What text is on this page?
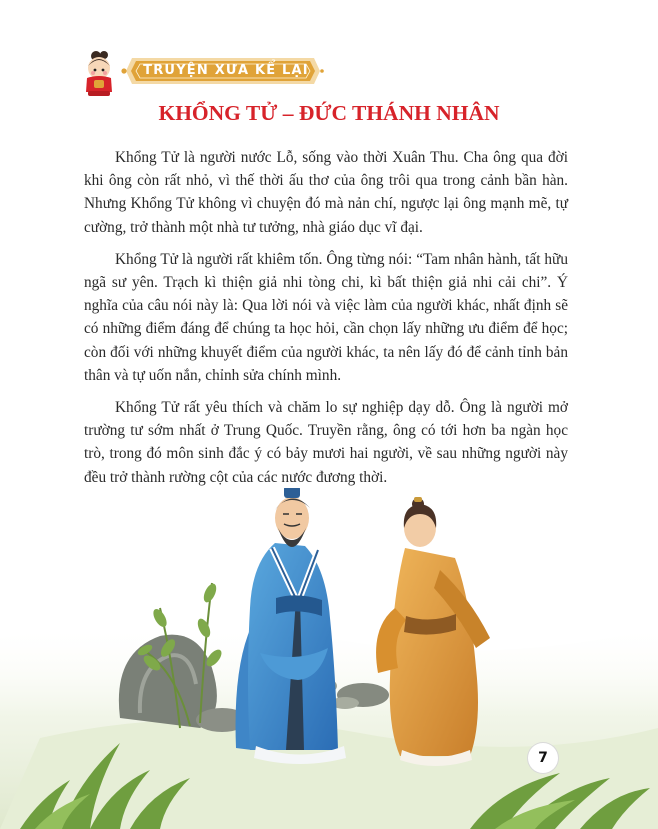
TRUYỆN XƯA KỂ LẠI
KHỔNG TỬ – ĐỨC THÁNH NHÂN

Khổng Tử là người nước Lỗ, sống vào thời Xuân Thu. Cha ông qua đời khi ông còn rất nhỏ, vì thế thời ấu thơ của ông trôi qua trong cảnh bần hàn. Nhưng Khổng Tử không vì chuyện đó mà nản chí, ngược lại ông mạnh mẽ, tự cường, trở thành một nhà tư tưởng, nhà giáo dục vĩ đại.

Khổng Tử là người rất khiêm tốn. Ông từng nói: “Tam nhân hành, tất hữu ngã sư yên. Trạch kì thiện giả nhi tòng chi, kì bất thiện giả nhi cải chi”. Ý nghĩa của câu nói này là: Qua lời nói và việc làm của người khác, nhất định sẽ có những điểm đáng để chúng ta học hỏi, cần chọn lấy những ưu điểm để học; còn đối với những khuyết điểm của người khác, ta nên lấy đó để cảnh tỉnh bản thân và tự uốn nắn, chỉnh sửa chính mình.

Khổng Tử rất yêu thích và chăm lo sự nghiệp dạy dỗ. Ông là người mở trường tư sớm nhất ở Trung Quốc. Truyền rằng, ông có tới hơn ba ngàn học trò, trong đó môn sinh đắc ý có bảy mươi hai người, về sau những người này đều trở thành rường cột của các nước đương thời.

7
